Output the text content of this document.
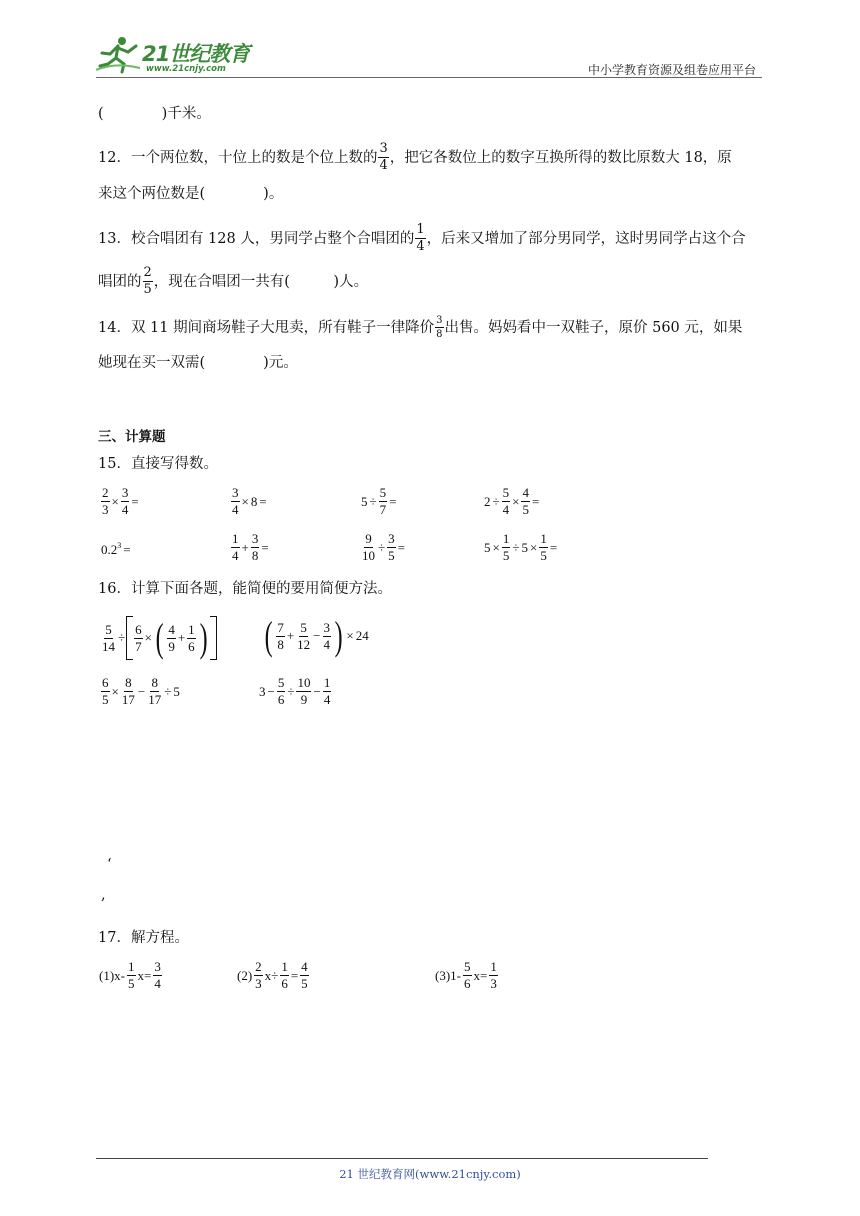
21世纪教育
www.21cnjy.com	中小学教育资源及组卷应用平台
(　　　　)千米。
12．一个两位数，十位上的数是个位上数的 $\frac{3}{4}$ ，把它各数位上的数字互换所得的数比原数大 18，原
来这个两位数是(　　　　)。
13．校合唱团有 128 人，男同学占整个合唱团的 $\frac{1}{4}$ ，后来又增加了部分男同学，这时男同学占这个合
唱团的 $\frac{2}{5}$ ，现在合唱团一共有(　　　)人。
14．双 11 期间商场鞋子大甩卖，所有鞋子一律降价 $\frac{3}{8}$ 出售。妈妈看中一双鞋子，原价 560 元，如果
她现在买一双需(　　　　)元。
三、计算题
15．直接写得数。
$\frac{2}{3} \times \frac{3}{4}$ =	$\frac{3}{4} \times 8$ =	$5 \div \frac{5}{7}$ =	$2 \div \frac{5}{4} \times \frac{4}{5}$ =
$0.2^3$ =	$\frac{1}{4} + \frac{3}{8}$ =	$\frac{9}{10} \div \frac{3}{5}$ =	$5 \times \frac{1}{5} \div 5 \times \frac{1}{5}$ =
16．计算下面各题，能简便的要用简便方法。
$\frac{5}{14} \div \frac{6}{7}$ × ( $\frac{4}{9} + \frac{1}{6}$ ) ( $\frac{7}{8} + \frac{5}{12} - \frac{3}{4}$ ) × 24
$\frac{6}{5} \times \frac{8}{17} - \frac{8}{17} \div 5$	$3 - \frac{5}{6} \div \frac{10}{9} - \frac{1}{4}$
‘
,
17．解方程。
$(1)x- \frac{1}{5} x= \frac{3}{4}$	$(2) \frac{2}{3} x\div \frac{1}{6} = \frac{4}{5}$	$(3)1- \frac{5}{6} x= \frac{1}{3}$
21 世纪教育网(www.21cnjy.com)
